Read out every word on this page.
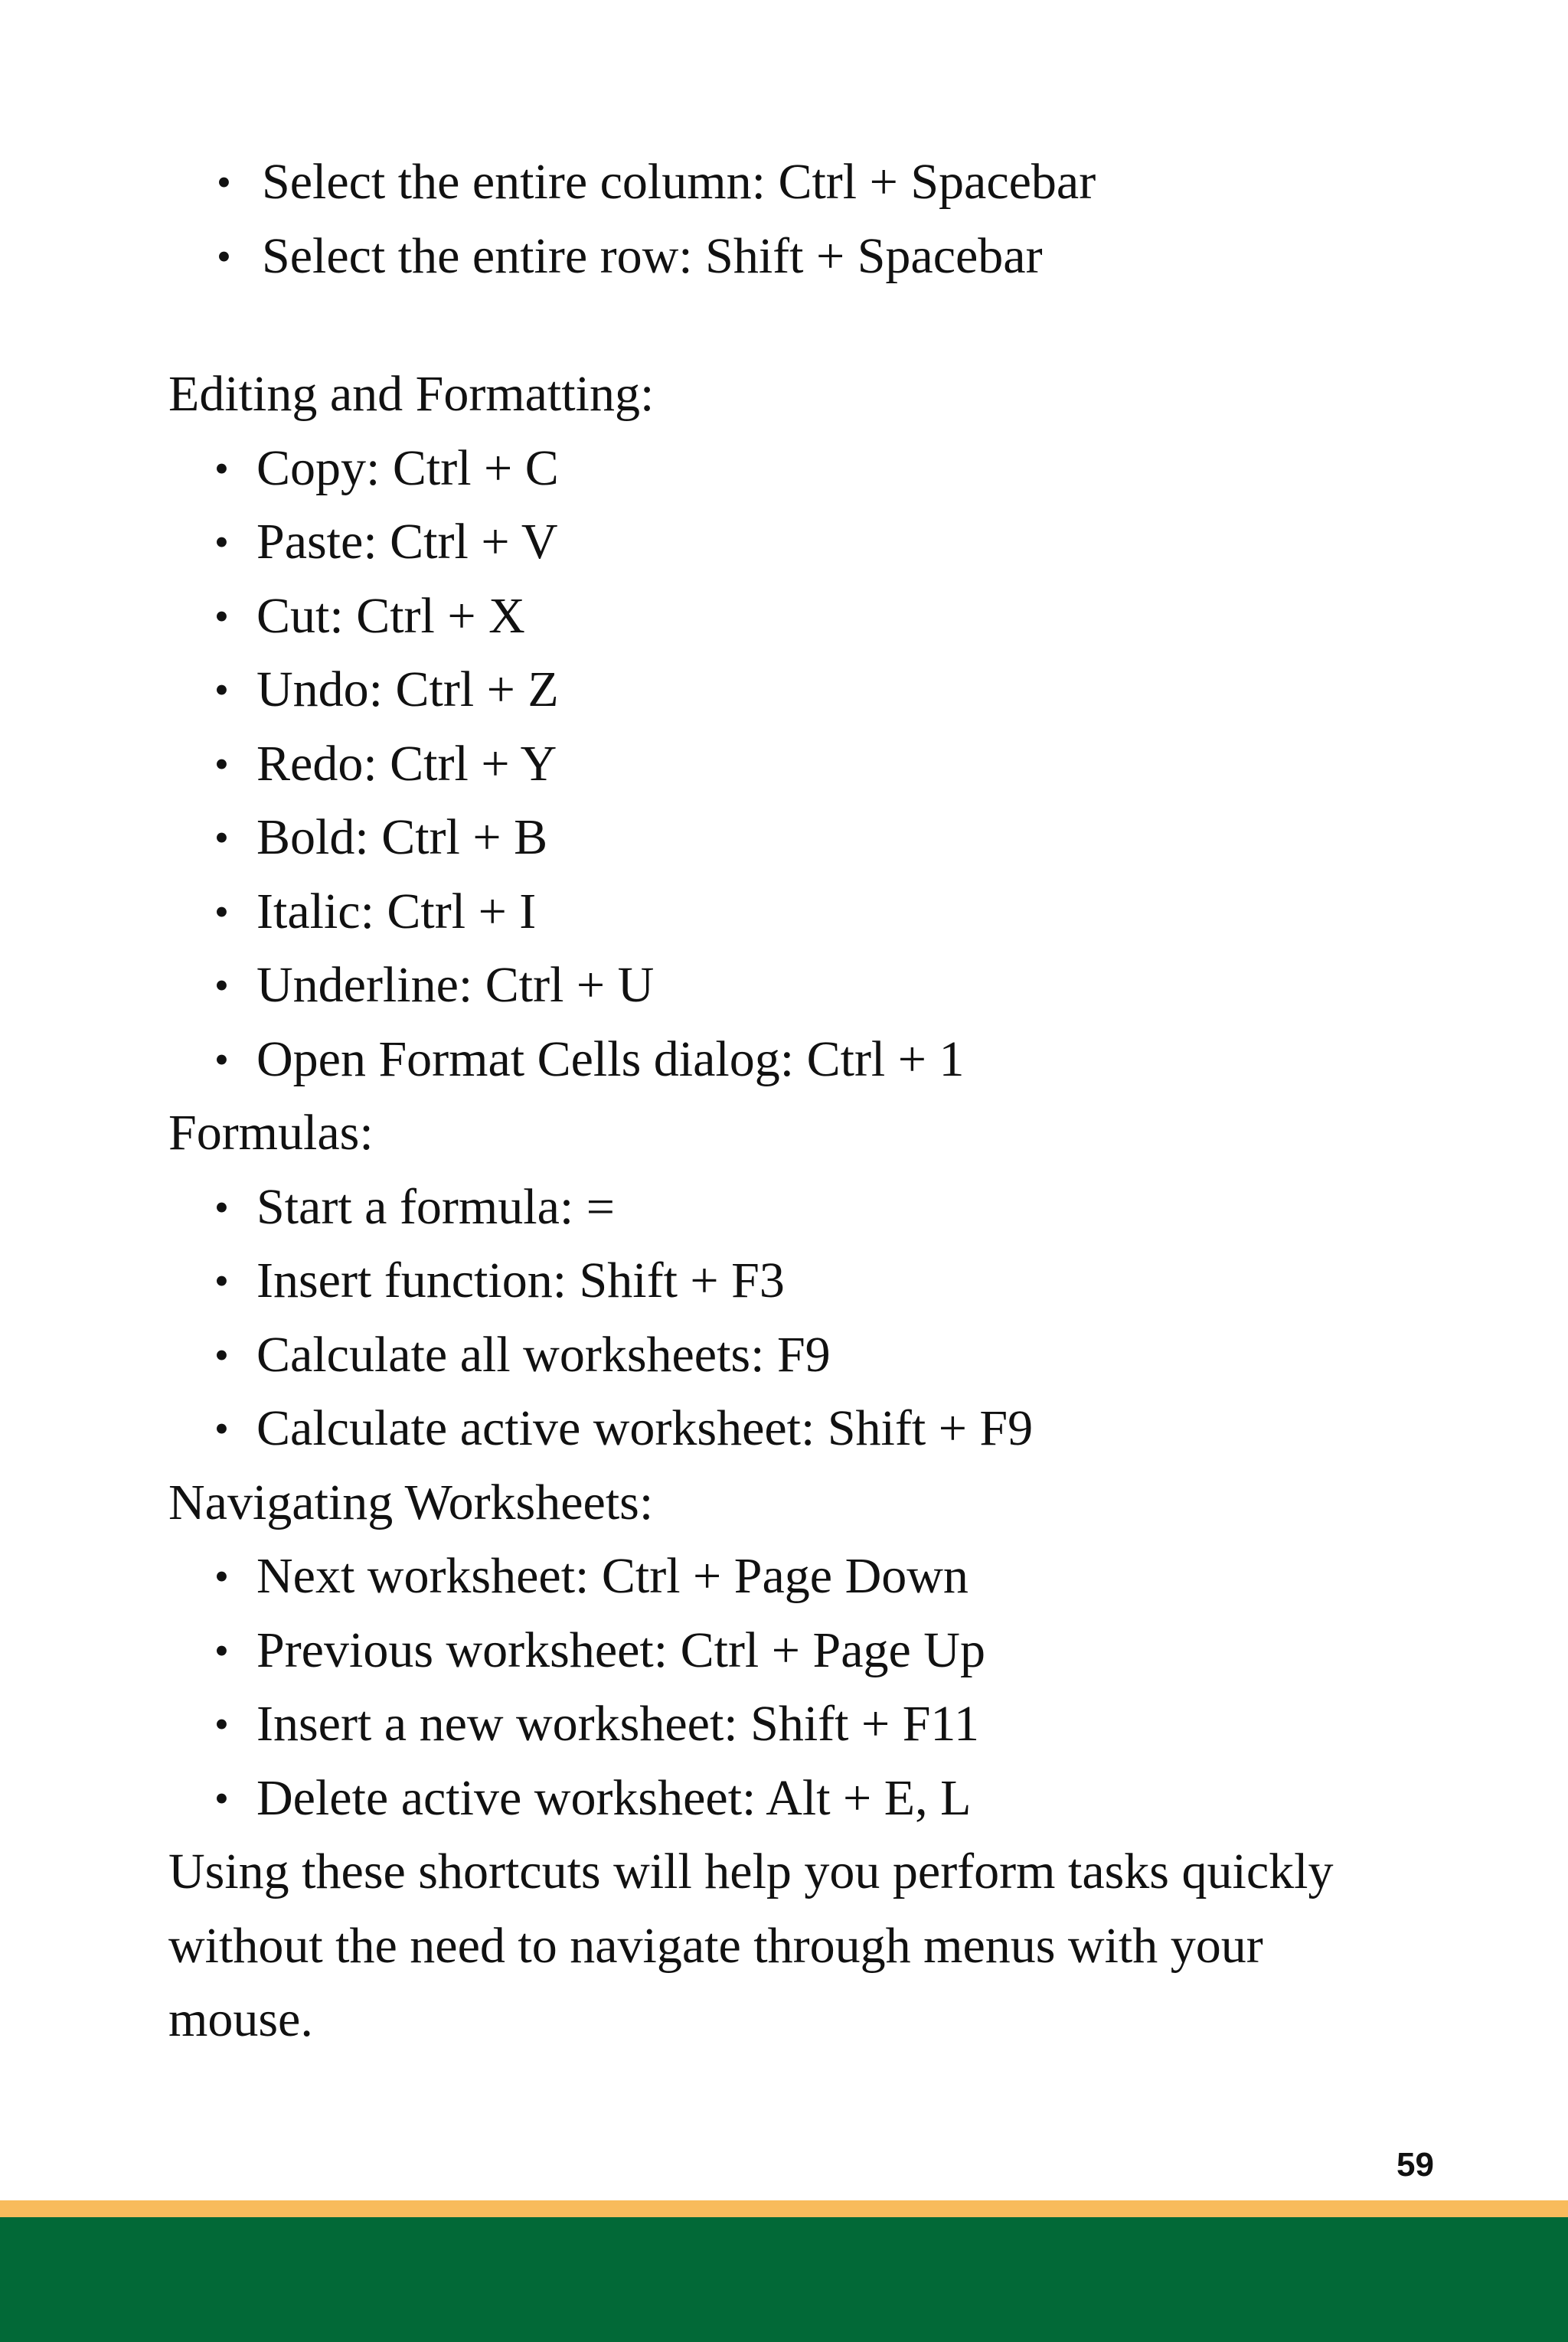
• Select the entire column: Ctrl + Spacebar
• Select the entire row: Shift + Spacebar

Editing and Formatting:

• Copy: Ctrl + C
• Paste: Ctrl + V
• Cut: Ctrl + X
• Undo: Ctrl + Z
• Redo: Ctrl + Y
• Bold: Ctrl + B
• Italic: Ctrl + I
• Underline: Ctrl + U
• Open Format Cells dialog: Ctrl + 1

Formulas:

• Start a formula: =
• Insert function: Shift + F3
• Calculate all worksheets: F9
• Calculate active worksheet: Shift + F9

Navigating Worksheets:

• Next worksheet: Ctrl + Page Down
• Previous worksheet: Ctrl + Page Up
• Insert a new worksheet: Shift + F11
• Delete active worksheet: Alt + E, L

Using these shortcuts will help you perform tasks quickly without the need to navigate through menus with your mouse.

59
